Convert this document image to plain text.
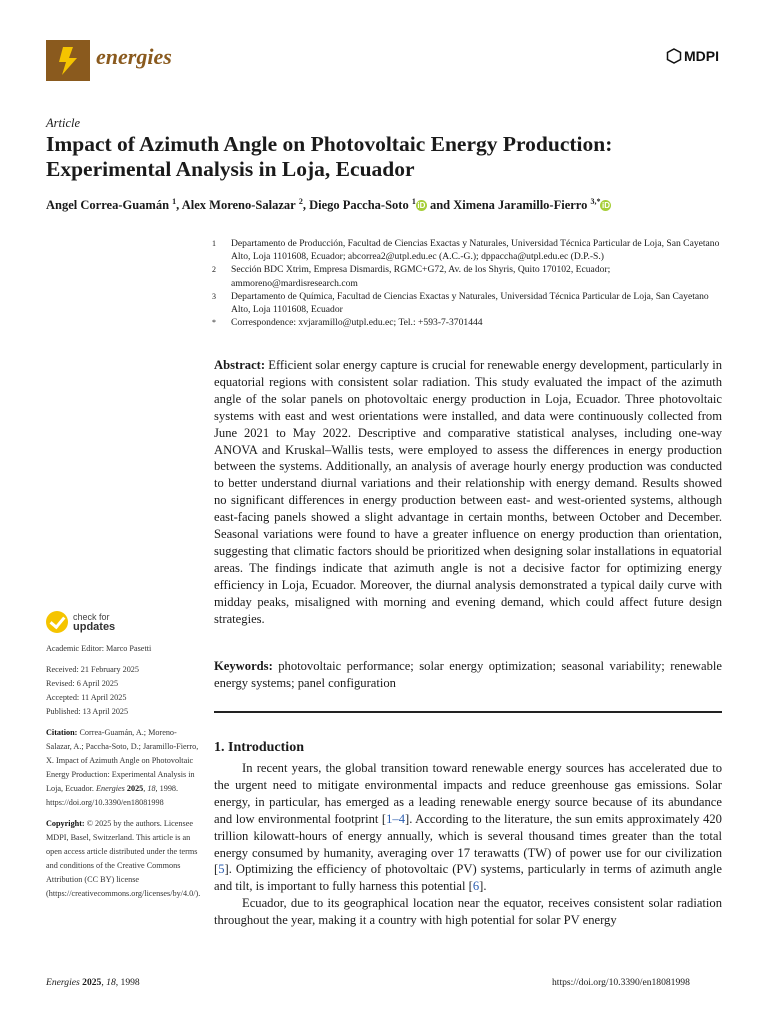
energies	MDPI
Article
Impact of Azimuth Angle on Photovoltaic Energy Production: Experimental Analysis in Loja, Ecuador
Angel Correa-Guamán $^1$, Alex Moreno-Salazar $^2$, Diego Paccha-Soto $^1$ iD and Ximena Jaramillo-Fierro $^{3,*}$ iD
1	Departamento de Producción, Facultad de Ciencias Exactas y Naturales, Universidad Técnica Particular de Loja, San Cayetano Alto, Loja 1101608, Ecuador; abcorrea2@utpl.edu.ec (A.C.-G.); dppaccha@utpl.edu.ec (D.P.-S.)
2	Sección BDC Xtrim, Empresa Dismardis, RGMC+G72, Av. de los Shyris, Quito 170102, Ecuador; ammoreno@mardisresearch.com
3	Departamento de Química, Facultad de Ciencias Exactas y Naturales, Universidad Técnica Particular de Loja, San Cayetano Alto, Loja 1101608, Ecuador
*	Correspondence: xvjaramillo@utpl.edu.ec; Tel.: +593-7-3701444
Abstract: Efficient solar energy capture is crucial for renewable energy development, particularly in equatorial regions with consistent solar radiation. This study evaluated the impact of the azimuth angle of the solar panels on photovoltaic energy production in Loja, Ecuador. Three photovoltaic systems with east and west orientations were installed, and data were continuously collected from June 2021 to May 2022. Descriptive and comparative statistical analyses, including one-way ANOVA and Kruskal–Wallis tests, were employed to assess the differences in energy production between the systems. Additionally, an analysis of average hourly energy production was conducted to better understand diurnal variations and their relationship with energy demand. Results showed no significant differences in energy production between east- and west-oriented systems, although east-facing panels showed a slight advantage in certain months, between October and December. Seasonal variations were found to have a greater influence on energy production than orientation, suggesting that climatic factors should be prioritized when designing solar installations in equatorial areas. The findings indicate that azimuth angle is not a decisive factor for optimizing energy efficiency in Loja, Ecuador. Moreover, the diurnal analysis demonstrated a typical daily curve with midday peaks, misaligned with morning and evening demand, which could affect future design strategies.
Keywords: photovoltaic performance; solar energy optimization; seasonal variability; renewable energy systems; panel configuration
check for
updates
Academic Editor: Marco Pasetti
Received: 21 February 2025
Revised: 6 April 2025
Accepted: 11 April 2025
Published: 13 April 2025
Citation: Correa-Guamán, A.; Moreno-Salazar, A.; Paccha-Soto, D.; Jaramillo-Fierro, X. Impact of Azimuth Angle on Photovoltaic Energy Production: Experimental Analysis in Loja, Ecuador. Energies 2025, 18, 1998. https://doi.org/10.3390/en18081998
Copyright: © 2025 by the authors. Licensee MDPI, Basel, Switzerland. This article is an open access article distributed under the terms and conditions of the Creative Commons Attribution (CC BY) license (https://creativecommons.org/licenses/by/4.0/).
1. Introduction

In recent years, the global transition toward renewable energy sources has accelerated due to the urgent need to mitigate environmental impacts and reduce greenhouse gas emissions. Solar energy, in particular, has emerged as a leading renewable energy source because of its abundance and low environmental footprint [1–4]. According to the literature, the sun emits approximately 420 trillion kilowatt-hours of energy annually, which is several thousand times greater than the total energy consumed by humanity, averaging over 17 terawatts (TW) of power use for our civilization [5]. Optimizing the efficiency of photovoltaic (PV) systems, particularly in terms of azimuth angle and tilt, is important to fully harness this potential [6].

Ecuador, due to its geographical location near the equator, receives consistent solar radiation throughout the year, making it a country with high potential for solar PV energy

Energies 2025, 18, 1998	https://doi.org/10.3390/en18081998
